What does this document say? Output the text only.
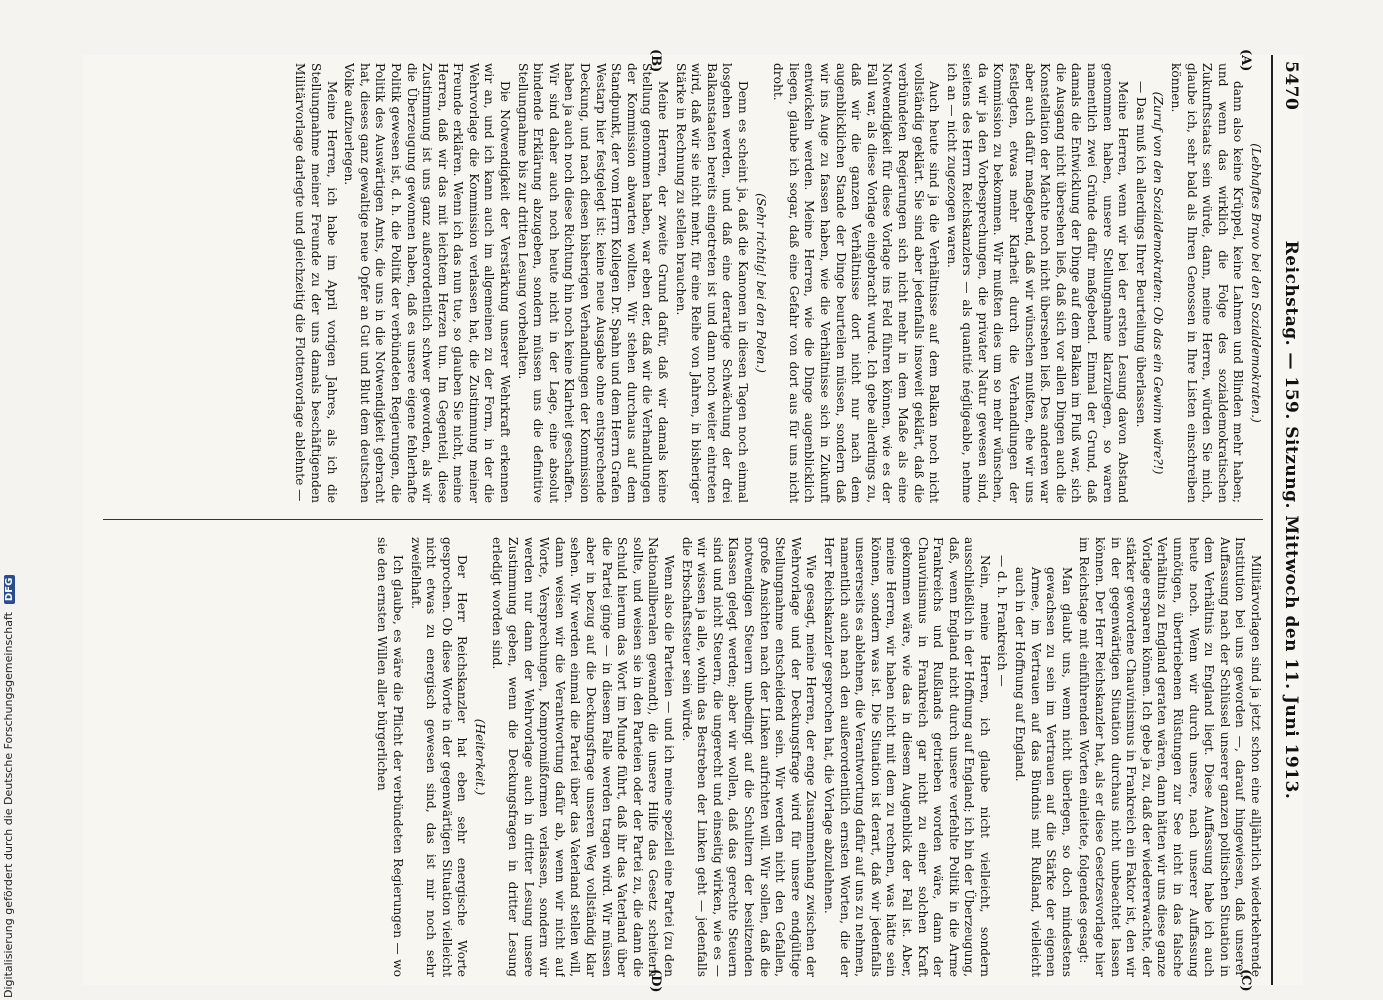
5470
Reichstag. — 159. Sitzung. Mittwoch den 11. Juni 1913.

(Lebhaftes Bravo bei den Sozialdemokraten.)

dann also keine Krüppel, keine Lahmen und Blinden mehr haben; und wenn das wirklich die Folge des sozialdemokratischen Zukunftsstaats sein würde, dann, meine Herren, würden Sie mich, glaube ich, sehr bald als Ihren Genossen in Ihre Listen einschreiben können.

(Zuruf von den Sozialdemokraten: Ob das ein Gewinn wäre?!)

— Das muß ich allerdings Ihrer Beurteilung überlassen.

Meine Herren, wenn wir bei der ersten Lesung davon Abstand genommen haben, unsere Stellungnahme klarzulegen, so waren namentlich zwei Gründe dafür maßgebend. Einmal der Grund, daß damals die Entwicklung der Dinge auf dem Balkan im Fluß war, sich die Ausgang nicht übersehen ließ, daß sich vor allen Dingen auch die Konstellation der Mächte noch nicht übersehen ließ. Des anderen war aber auch dafür maßgebend, daß wir wünschen mußten, ehe wir uns festlegten, etwas mehr Klarheit durch die Verhandlungen der Kommission zu bekommen. Wir mußten dies um so mehr wünschen, da wir ja den Vorbesprechungen, die privater Natur gewesen sind, seitens des Herrn Reichskanzlers — als quantité négligeable, nehme ich an — nicht zugezogen waren.

Auch heute sind ja die Verhältnisse auf dem Balkan noch nicht vollständig geklärt. Sie sind aber jedenfalls insoweit geklärt, daß die verbündeten Regierungen sich nicht mehr in dem Maße als eine Notwendigkeit für diese Vorlage ins Feld führen können, wie es der Fall war, als diese Vorlage eingebracht wurde. Ich gebe allerdings zu, daß wir die ganzen Verhältnisse dort nicht nur nach dem augenblicklichen Stande der Dinge beurteilen müssen, sondern daß wir ins Auge zu fassen haben, wie die Verhältnisse sich in Zukunft entwickeln werden. Meine Herren, wie die Dinge augenblicklich liegen, glaube ich sogar, daß eine Gefahr von dort aus für uns nicht droht.

(Sehr richtig! bei den Polen.)

Denn es scheint ja, daß die Kanonen in diesen Tagen noch einmal losgehen werden, und daß eine derartige Schwächung der drei Balkanstaaten bereits eingetreten ist und dann noch weiter eintreten wird, daß wir sie nicht mehr, für eine Reihe von Jahren, in bisheriger Stärke in Rechnung zu stellen brauchen.

Meine Herren, der zweite Grund dafür, daß wir damals keine Stellung genommen haben, war eben der, daß wir die Verhandlungen der Kommission abwarten wollten. Wir stehen durchaus auf dem Standpunkt, der vom Herrn Kollegen Dr. Spahn und dem Herrn Grafen Westarp hier festgelegt ist: keine neue Ausgabe ohne entsprechende Deckung, und nach diesen bisherigen Verhandlungen der Kommission haben ja auch noch diese Richtung hin noch keine Klarheit geschaffen. Wir sind daher auch noch heute nicht in der Lage, eine absolut bindende Erklärung abzugeben, sondern müssen uns die definitive Stellungnahme bis zur dritten Lesung vorbehalten.

Die Notwendigkeit der Verstärkung unserer Wehrkraft erkennen wir an, und ich kann auch im allgemeinen zu der Form, in der die Wehrvorlage die Kommission verlassen hat, die Zustimmung meiner Freunde erklären. Wenn ich das nun tue, so glauben Sie nicht, meine Herren, daß wir das mit leichtem Herzen tun. Im Gegenteil, diese Zustimmung ist uns ganz außerordentlich schwer geworden, als wir die Überzeugung gewonnen haben, daß es unsere eigene fehlerhafte Politik gewesen ist, d. h. die Politik der verbündeten Regierungen, die Politik des Auswärtigen Amts, die uns in die Notwendigkeit gebracht hat, dieses ganz gewaltige neue Opfer an Gut und Blut dem deutschen Volke aufzuerlegen.

Meine Herren, ich habe im April vorigen Jahres, als ich die Stellungnahme meiner Freunde zu der uns damals beschäftigenden Militärvorlage darlegte und gleichzeitig die Flottenvorlage ablehnte —

Militärvorlagen sind ja jetzt schon eine alljährlich wiederkehrende Institution bei uns geworden —, darauf hingewiesen, daß unserer Auffassung nach der Schlüssel unserer ganzen politischen Situation in dem Verhältnis zu England liegt. Diese Auffassung habe ich auch heute noch. Wenn wir durch unsere, nach unserer Auffassung unnötigen, übertriebenen Rüstungen zur See nicht in das falsche Verhältnis zu England geraten wären, dann hätten wir uns diese ganze Vorlage ersparen können. Ich gebe ja zu, daß der wiedererwachte, der stärker gewordene Chauvinismus in Frankreich ein Faktor ist, den wir in der gegenwärtigen Situation durchaus nicht unbeachtet lassen können. Der Herr Reichskanzler hat, als er diese Gesetzesvorlage hier im Reichstage mit einführenden Worten einleitete, folgendes gesagt:

Man glaubt uns, wenn nicht überlegen, so doch mindestens gewachsen zu sein im Vertrauen auf die Stärke der eigenen Armee, im Vertrauen auf das Bündnis mit Rußland, vielleicht auch in der Hoffnung auf England.

— d. h. Frankreich —

Nein, meine Herren, ich glaube nicht vielleicht, sondern ausschließlich in der Hoffnung auf England; ich bin der Überzeugung, daß, wenn England nicht durch unsere verfehlte Politik in die Arme Frankreichs und Rußlands getrieben worden wäre, dann der Chauvinismus in Frankreich gar nicht zu einer solchen Kraft gekommen wäre, wie das in diesem Augenblick der Fall ist. Aber, meine Herren, wir haben nicht mit dem zu rechnen, was hätte sein können, sondern was ist. Die Situation ist derart, daß wir jedenfalls unsererseits es ablehnen, die Verantwortung dafür auf uns zu nehmen, namentlich auch nach den außerordentlich ernsten Worten, die der Herr Reichskanzler gesprochen hat, die Vorlage abzulehnen.

Wie gesagt, meine Herren, der enge Zusammenhang zwischen der Wehrvorlage und der Deckungsfrage wird für unsere endgültige Stellungnahme entscheidend sein. Wir werden nicht den Gefallen, große Ansichten nach der Linken aufrichten will. Wir sollen, daß die notwendigen Steuern unbedingt auf die Schultern der besitzenden Klassen gelegt werden; aber wir wollen, daß das gerechte Steuern sind und nicht Steuern, die ungerecht und einseitig wirken, wie es — wir wissen ja alle, wohin das Bestreben der Linken geht — jedenfalls die Erbschaftssteuer sein würde.

Wenn also die Parteien — und ich meine speziell eine Partei (zu den Nationalliberalen gewandt), die unsere Hilfe das Gesetz scheitern sollte, und weisen sie in den Parteien oder der Partei zu, die dann die Schuld hierum das Wort im Munde führt, daß ihr das Vaterland über die Partei ginge — in diesem Falle werden tragen wird. Wir müssen aber in bezug auf die Deckungsfrage unseren Weg vollständig klar sehen. Wir werden einmal die Partei über das Vaterland stellen will, dann weisen wir die Verantwortung dafür ab, wenn wir nicht auf Worte, Versprechungen, Kompromißformen verlassen, sondern wir werden nur dann der Wehrvorlage auch in dritter Lesung unsere Zustimmung geben, wenn die Deckungsfragen in dritter Lesung erledigt worden sind.

(Heiterkeit.)

Der Herr Reichskanzler hat eben sehr energische Worte gesprochen. Ob diese Worte in der gegenwärtigen Situation vielleicht nicht etwas zu energisch gewesen sind, das ist mir noch sehr zweifelhaft.

Ich glaube, es wäre die Pflicht der verbündeten Regierungen — wo sie den ernsten Willen aller bürgerlichen

(A)
(B)
(C)
(D)
Digitalisierung gefördert durch die Deutsche ForschungsgemeinschaftDFG
